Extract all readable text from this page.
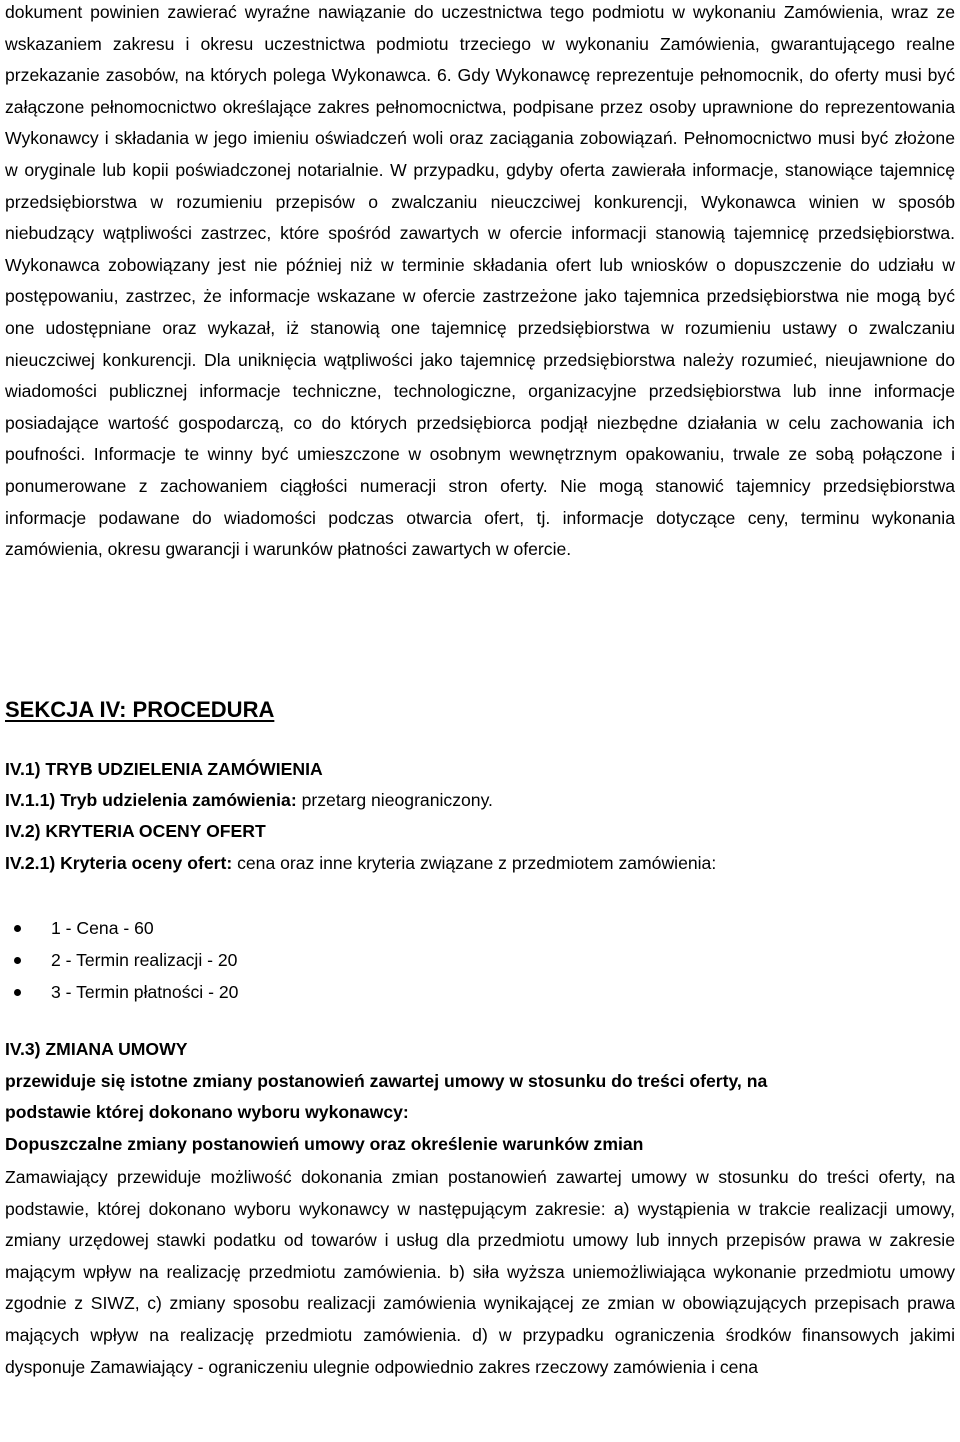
dokument powinien zawierać wyraźne nawiązanie do uczestnictwa tego podmiotu w wykonaniu Zamówienia, wraz ze wskazaniem zakresu i okresu uczestnictwa podmiotu trzeciego w wykonaniu Zamówienia, gwarantującego realne przekazanie zasobów, na których polega Wykonawca. 6. Gdy Wykonawcę reprezentuje pełnomocnik, do oferty musi być załączone pełnomocnictwo określające zakres pełnomocnictwa, podpisane przez osoby uprawnione do reprezentowania Wykonawcy i składania w jego imieniu oświadczeń woli oraz zaciągania zobowiązań. Pełnomocnictwo musi być złożone w oryginale lub kopii poświadczonej notarialnie. W przypadku, gdyby oferta zawierała informacje, stanowiące tajemnicę przedsiębiorstwa w rozumieniu przepisów o zwalczaniu nieuczciwej konkurencji, Wykonawca winien w sposób niebudzący wątpliwości zastrzec, które spośród zawartych w ofercie informacji stanowią tajemnicę przedsiębiorstwa. Wykonawca zobowiązany jest nie później niż w terminie składania ofert lub wniosków o dopuszczenie do udziału w postępowaniu, zastrzec, że informacje wskazane w ofercie zastrzeżone jako tajemnica przedsiębiorstwa nie mogą być one udostępniane oraz wykazał, iż stanowią one tajemnicę przedsiębiorstwa w rozumieniu ustawy o zwalczaniu nieuczciwej konkurencji. Dla uniknięcia wątpliwości jako tajemnicę przedsiębiorstwa należy rozumieć, nieujawnione do wiadomości publicznej informacje techniczne, technologiczne, organizacyjne przedsiębiorstwa lub inne informacje posiadające wartość gospodarczą, co do których przedsiębiorca podjął niezbędne działania w celu zachowania ich poufności. Informacje te winny być umieszczone w osobnym wewnętrznym opakowaniu, trwale ze sobą połączone i ponumerowane z zachowaniem ciągłości numeracji stron oferty. Nie mogą stanowić tajemnicy przedsiębiorstwa informacje podawane do wiadomości podczas otwarcia ofert, tj. informacje dotyczące ceny, terminu wykonania zamówienia, okresu gwarancji i warunków płatności zawartych w ofercie.

SEKCJA IV: PROCEDURA

IV.1) TRYB UDZIELENIA ZAMÓWIENIA

IV.1.1) Tryb udzielenia zamówienia: przetarg nieograniczony.

IV.2) KRYTERIA OCENY OFERT

IV.2.1) Kryteria oceny ofert: cena oraz inne kryteria związane z przedmiotem zamówienia:

1 - Cena - 60
2 - Termin realizacji - 20
3 - Termin płatności - 20

IV.3) ZMIANA UMOWY

przewiduje się istotne zmiany postanowień zawartej umowy w stosunku do treści oferty, na

podstawie której dokonano wyboru wykonawcy:

Dopuszczalne zmiany postanowień umowy oraz określenie warunków zmian

Zamawiający przewiduje możliwość dokonania zmian postanowień zawartej umowy w stosunku do treści oferty, na podstawie, której dokonano wyboru wykonawcy w następującym zakresie: a) wystąpienia w trakcie realizacji umowy, zmiany urzędowej stawki podatku od towarów i usług dla przedmiotu umowy lub innych przepisów prawa w zakresie mającym wpływ na realizację przedmiotu zamówienia. b) siła wyższa uniemożliwiająca wykonanie przedmiotu umowy zgodnie z SIWZ, c) zmiany sposobu realizacji zamówienia wynikającej ze zmian w obowiązujących przepisach prawa mających wpływ na realizację przedmiotu zamówienia. d) w przypadku ograniczenia środków finansowych jakimi dysponuje Zamawiający - ograniczeniu ulegnie odpowiednio zakres rzeczowy zamówienia i cena
